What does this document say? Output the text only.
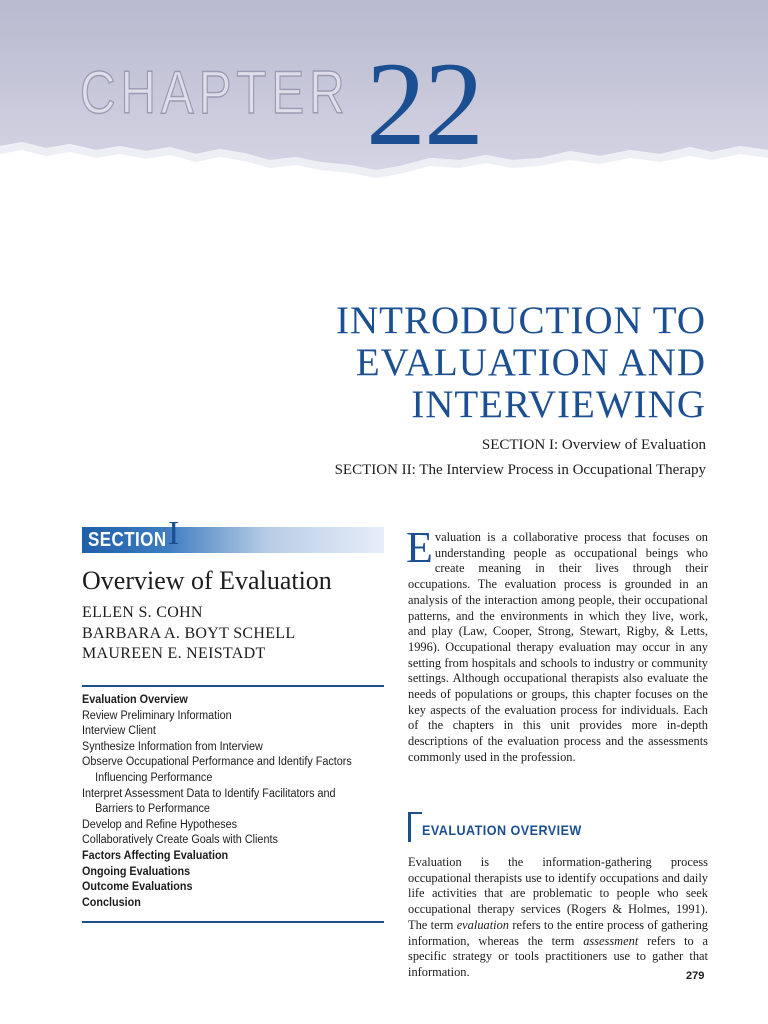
CHAPTER 22
INTRODUCTION TO
EVALUATION AND
INTERVIEWING
SECTION I: Overview of Evaluation
SECTION II: The Interview Process in Occupational Therapy
SECTION I
Overview of Evaluation
ELLEN S. COHN
BARBARA A. BOYT SCHELL
MAUREEN E. NEISTADT
Evaluation Overview
Review Preliminary Information
Interview Client
Synthesize Information from Interview
Observe Occupational Performance and Identify Factors
Influencing Performance
Interpret Assessment Data to Identify Facilitators and
Barriers to Performance
Develop and Refine Hypotheses
Collaboratively Create Goals with Clients
Factors Affecting Evaluation
Ongoing Evaluations
Outcome Evaluations
Conclusion
Evaluation is a collaborative process that focuses on understanding people as occupational beings who create meaning in their lives through their occupations. The evaluation process is grounded in an analysis of the interaction among people, their occupational patterns, and the environments in which they live, work, and play (Law, Cooper, Strong, Stewart, Rigby, & Letts, 1996). Occupational therapy evaluation may occur in any setting from hospitals and schools to industry or community settings. Although occupational therapists also evaluate the needs of populations or groups, this chapter focuses on the key aspects of the evaluation process for individuals. Each of the chapters in this unit provides more in-depth descriptions of the evaluation process and the assessments commonly used in the profession.
EVALUATION OVERVIEW
Evaluation is the information-gathering process occupational therapists use to identify occupations and daily life activities that are problematic to people who seek occupational therapy services (Rogers & Holmes, 1991). The term evaluation refers to the entire process of gathering information, whereas the term assessment refers to a specific strategy or tools practitioners use to gather that information.	279
